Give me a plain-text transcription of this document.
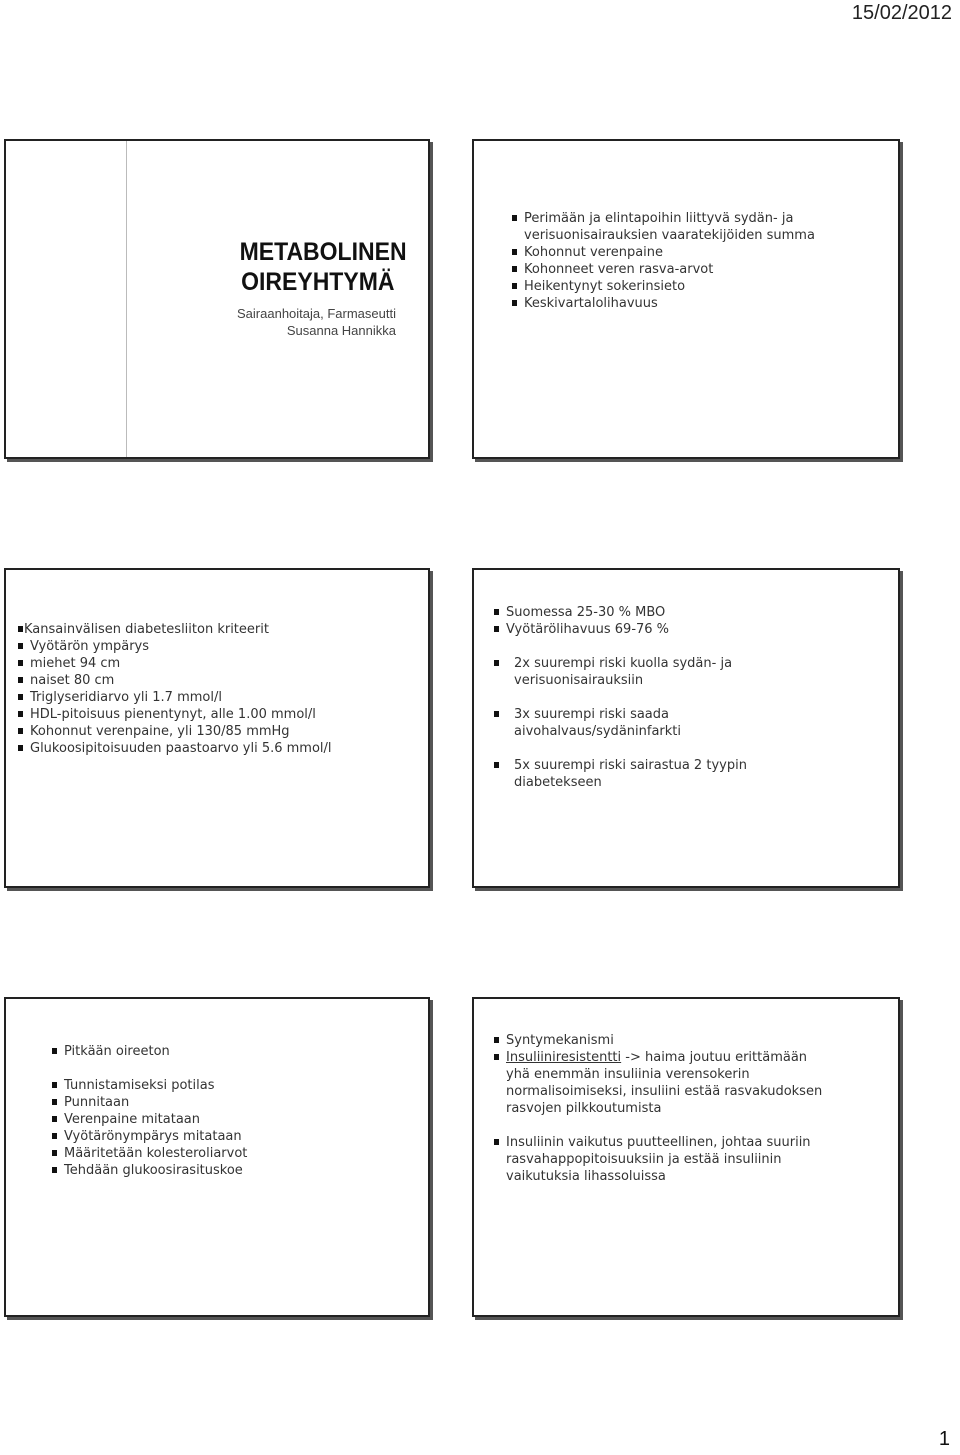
15/02/2012
METABOLINEN
OIREYHTYMÄ
Sairaanhoitaja, Farmaseutti
Susanna Hannikka
Perimään ja elintapoihin liittyvä sydän- ja
verisuonisairauksien vaaratekijöiden summa
Kohonnut verenpaine
Kohonneet veren rasva-arvot
Heikentynyt sokerinsieto
Keskivartalolihavuus
Kansainvälisen diabetesliiton kriteerit
Vyötärön ympärys
miehet 94 cm
naiset 80 cm
Triglyseridiarvo yli 1.7 mmol/l
HDL-pitoisuus pienentynyt, alle 1.00 mmol/l
Kohonnut verenpaine, yli 130/85 mmHg
Glukoosipitoisuuden paastoarvo yli 5.6 mmol/l
Suomessa 25-30 % MBO
Vyötärölihavuus 69-76 %
2x suurempi riski kuolla sydän- ja
verisuonisairauksiin
3x suurempi riski saada
aivohalvaus/sydäninfarkti
5x suurempi riski sairastua 2 tyypin
diabetekseen
Pitkään oireeton
Tunnistamiseksi potilas
Punnitaan
Verenpaine mitataan
Vyötärönympärys mitataan
Määritetään kolesteroliarvot
Tehdään glukoosirasituskoe
Syntymekanismi
Insuliiniresistentti -> haima joutuu erittämään
yhä enemmän insuliinia verensokerin
normalisoimiseksi, insuliini estää rasvakudoksen
rasvojen pilkkoutumista
Insuliinin vaikutus puutteellinen, johtaa suuriin
rasvahappopitoisuuksiin ja estää insuliinin
vaikutuksia lihassoluissa
1
